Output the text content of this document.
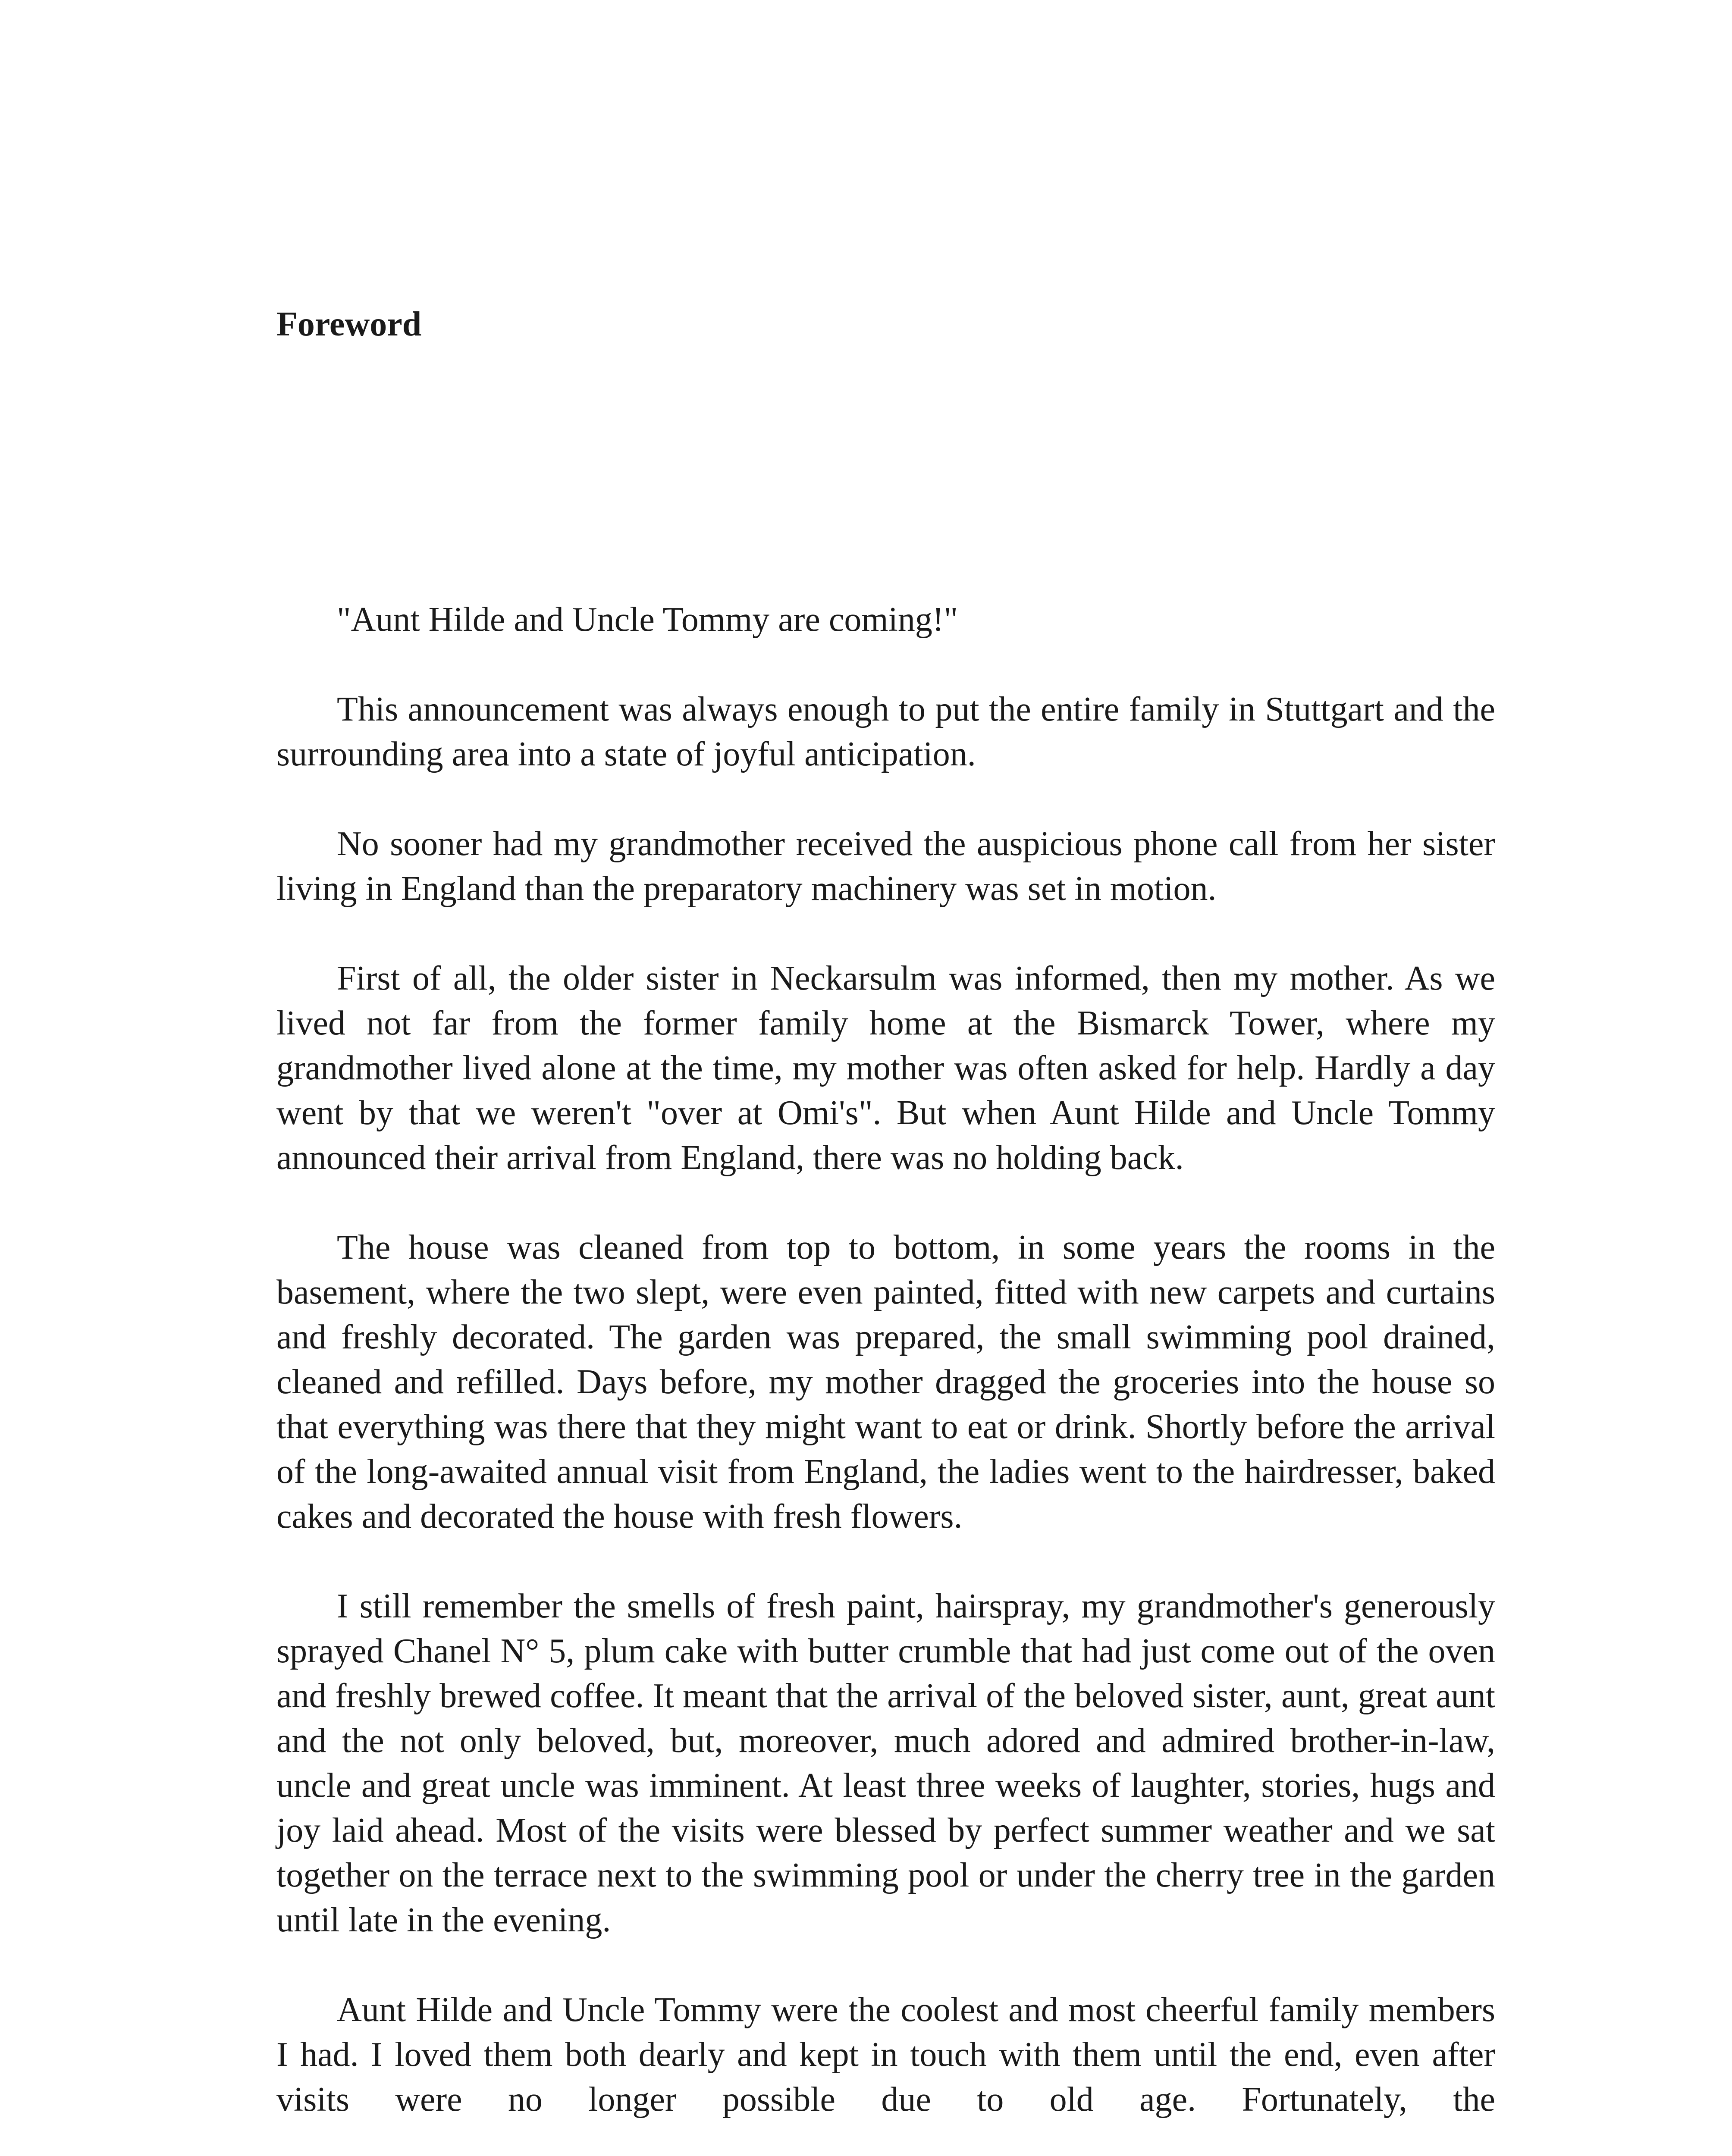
Foreword

"Aunt Hilde and Uncle Tommy are coming!"

This announcement was always enough to put the entire family in Stuttgart and the surrounding area into a state of joyful anticipation.

No sooner had my grandmother received the auspicious phone call from her sister living in England than the preparatory machinery was set in motion.

First of all, the older sister in Neckarsulm was informed, then my mother. As we lived not far from the former family home at the Bismarck Tower, where my grandmother lived alone at the time, my mother was often asked for help. Hardly a day went by that we weren't "over at Omi's". But when Aunt Hilde and Uncle Tommy announced their arrival from England, there was no holding back.

The house was cleaned from top to bottom, in some years the rooms in the basement, where the two slept, were even painted, fitted with new carpets and curtains and freshly decorated. The garden was prepared, the small swimming pool drained, cleaned and refilled. Days before, my mother dragged the groceries into the house so that everything was there that they might want to eat or drink. Shortly before the arrival of the long-awaited annual visit from England, the ladies went to the hairdresser, baked cakes and decorated the house with fresh flowers.

I still remember the smells of fresh paint, hairspray, my grandmother's generously sprayed Chanel N° 5, plum cake with butter crumble that had just come out of the oven and freshly brewed coffee. It meant that the arrival of the beloved sister, aunt, great aunt and the not only beloved, but, moreover, much adored and admired brother-in-law, uncle and great uncle was imminent. At least three weeks of laughter, stories, hugs and joy laid ahead. Most of the visits were blessed by perfect summer weather and we sat together on the terrace next to the swimming pool or under the cherry tree in the garden until late in the evening.

Aunt Hilde and Uncle Tommy were the coolest and most cheerful family members I had. I loved them both dearly and kept in touch with them until the end, even after visits were no longer possible due to old age. Fortunately, the
